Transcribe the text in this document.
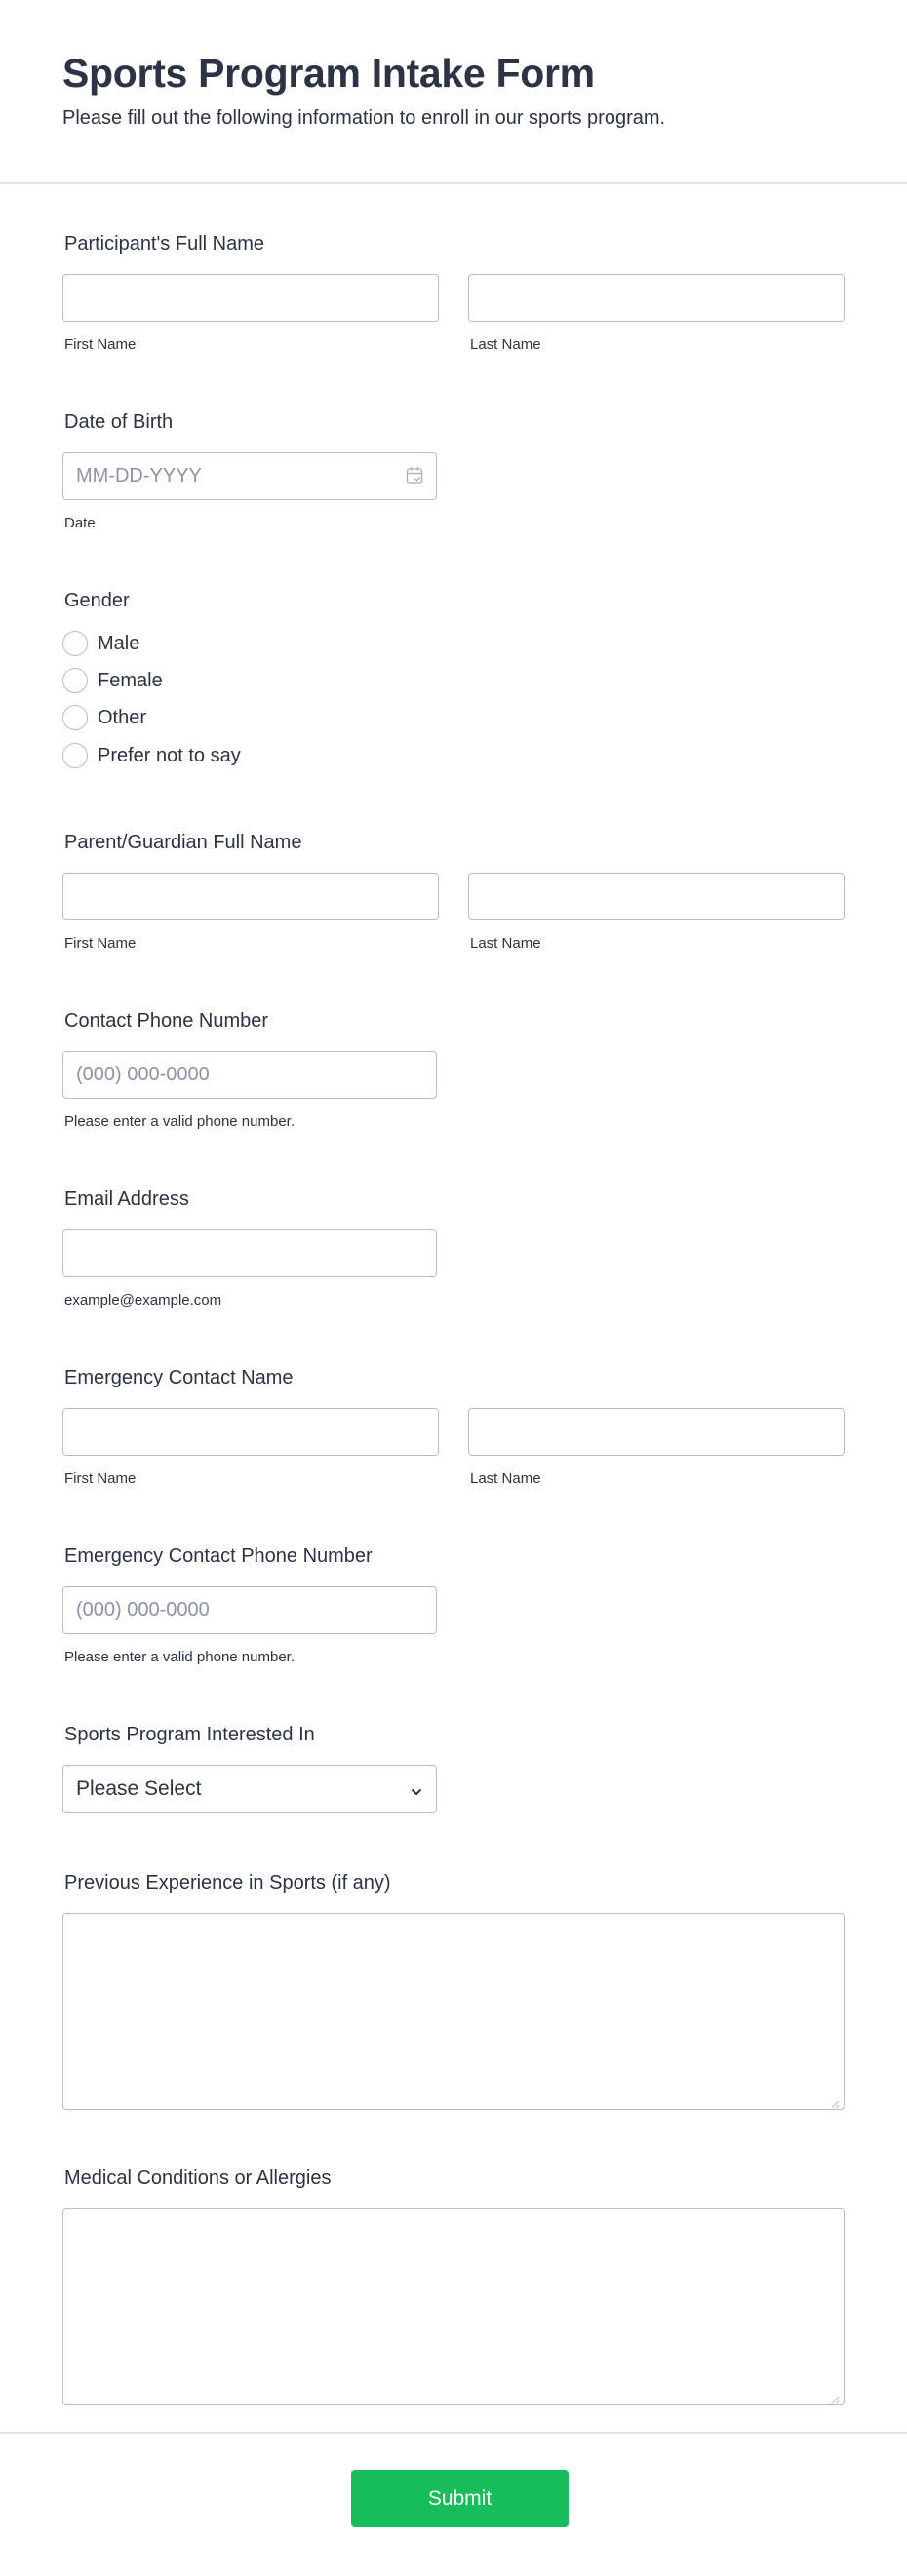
Sports Program Intake Form

Please fill out the following information to enroll in our sports program.

Participant's Full Name
First Name	Last Name
Date of Birth
MM-DD-YYYY
Date
Gender
Male
Female
Other
Prefer not to say
Parent/Guardian Full Name
First Name	Last Name
Contact Phone Number
(000) 000-0000
Please enter a valid phone number.
Email Address
example@example.com
Emergency Contact Name
First Name	Last Name
Emergency Contact Phone Number
(000) 000-0000
Please enter a valid phone number.
Sports Program Interested In
Please Select
Previous Experience in Sports (if any)
Medical Conditions or Allergies
Submit
